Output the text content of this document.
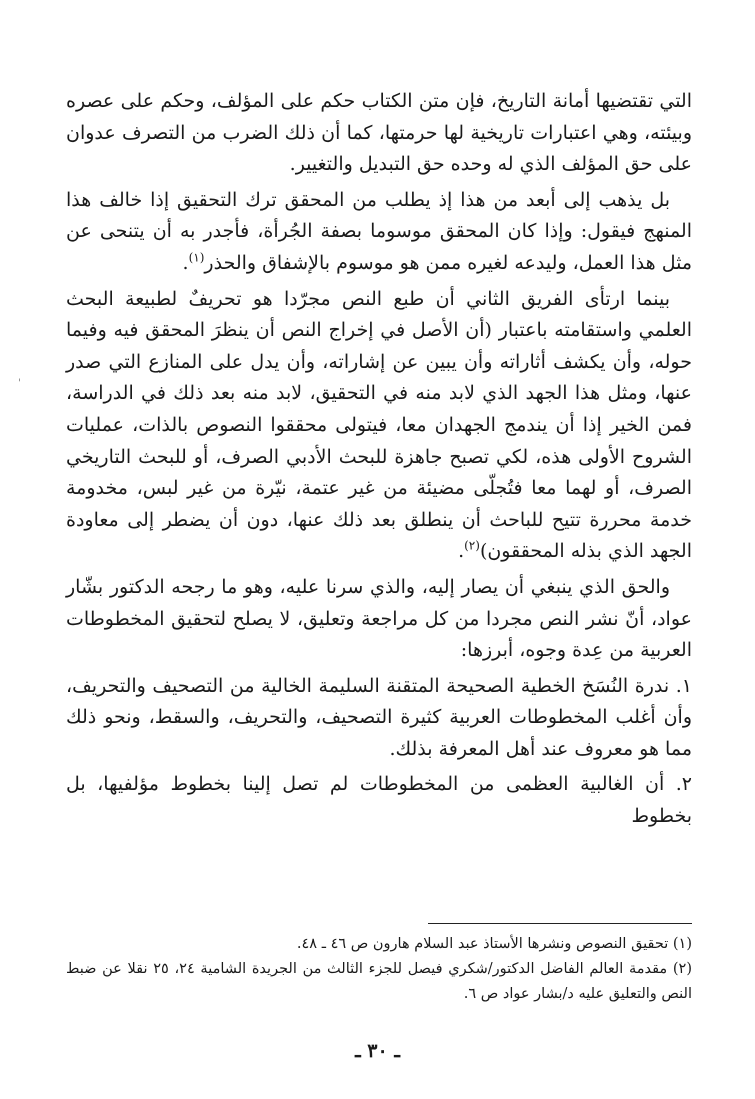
'

التي تقتضيها أمانة التاريخ، فإن متن الكتاب حكم على المؤلف، وحكم على عصره وبيئته، وهي اعتبارات تاريخية لها حرمتها، كما أن ذلك الضرب من التصرف عدوان على حق المؤلف الذي له وحده حق التبديل والتغيير.

بل يذهب إلى أبعد من هذا إذ يطلب من المحقق ترك التحقيق إذا خالف هذا المنهج فيقول: وإذا كان المحقق موسوما بصفة الجُرأة، فأجدر به أن يتنحى عن مثل هذا العمل، وليدعه لغيره ممن هو موسوم بالإشفاق والحذر$^{(١)}$.

بينما ارتأى الفريق الثاني أن طبع النص مجرّدا هو تحريفٌ لطبيعة البحث العلمي واستقامته باعتبار (أن الأصل في إخراج النص أن ينظرَ المحقق فيه وفيما حوله، وأن يكشف أثاراته وأن يبين عن إشاراته، وأن يدل على المنازع التي صدر عنها، ومثل هذا الجهد الذي لابد منه في التحقيق، لابد منه بعد ذلك في الدراسة، فمن الخير إذا أن يندمج الجهدان معا، فيتولى محققوا النصوص بالذات، عمليات الشروح الأولى هذه، لكي تصبح جاهزة للبحث الأدبي الصرف، أو للبحث التاريخي الصرف، أو لهما معا فتُجلّى مضيئة من غير عتمة، نيّرة من غير لبس، مخدومة خدمة محررة تتيح للباحث أن ينطلق بعد ذلك عنها، دون أن يضطر إلى معاودة الجهد الذي بذله المحققون)$^{(٢)}$.

والحق الذي ينبغي أن يصار إليه، والذي سرنا عليه، وهو ما رجحه الدكتور بشّار عواد، أنّ نشر النص مجردا من كل مراجعة وتعليق، لا يصلح لتحقيق المخطوطات العربية من عِدة وجوه، أبرزها:

١. ندرة النُسَخ الخطية الصحيحة المتقنة السليمة الخالية من التصحيف والتحريف، وأن أغلب المخطوطات العربية كثيرة التصحيف، والتحريف، والسقط، ونحو ذلك مما هو معروف عند أهل المعرفة بذلك.

٢. أن الغالبية العظمى من المخطوطات لم تصل إلينا بخطوط مؤلفيها، بل بخطوط

(١) تحقيق النصوص ونشرها الأستاذ عبد السلام هارون ص ٤٦ ـ ٤٨.

(٢) مقدمة العالم الفاضل الدكتور/شكري فيصل للجزء الثالث من الجريدة الشامية ٢٤، ٢٥ نقلا عن ضبط النص والتعليق عليه د/بشار عواد ص ٦.

ـ ٣٠ ـ
